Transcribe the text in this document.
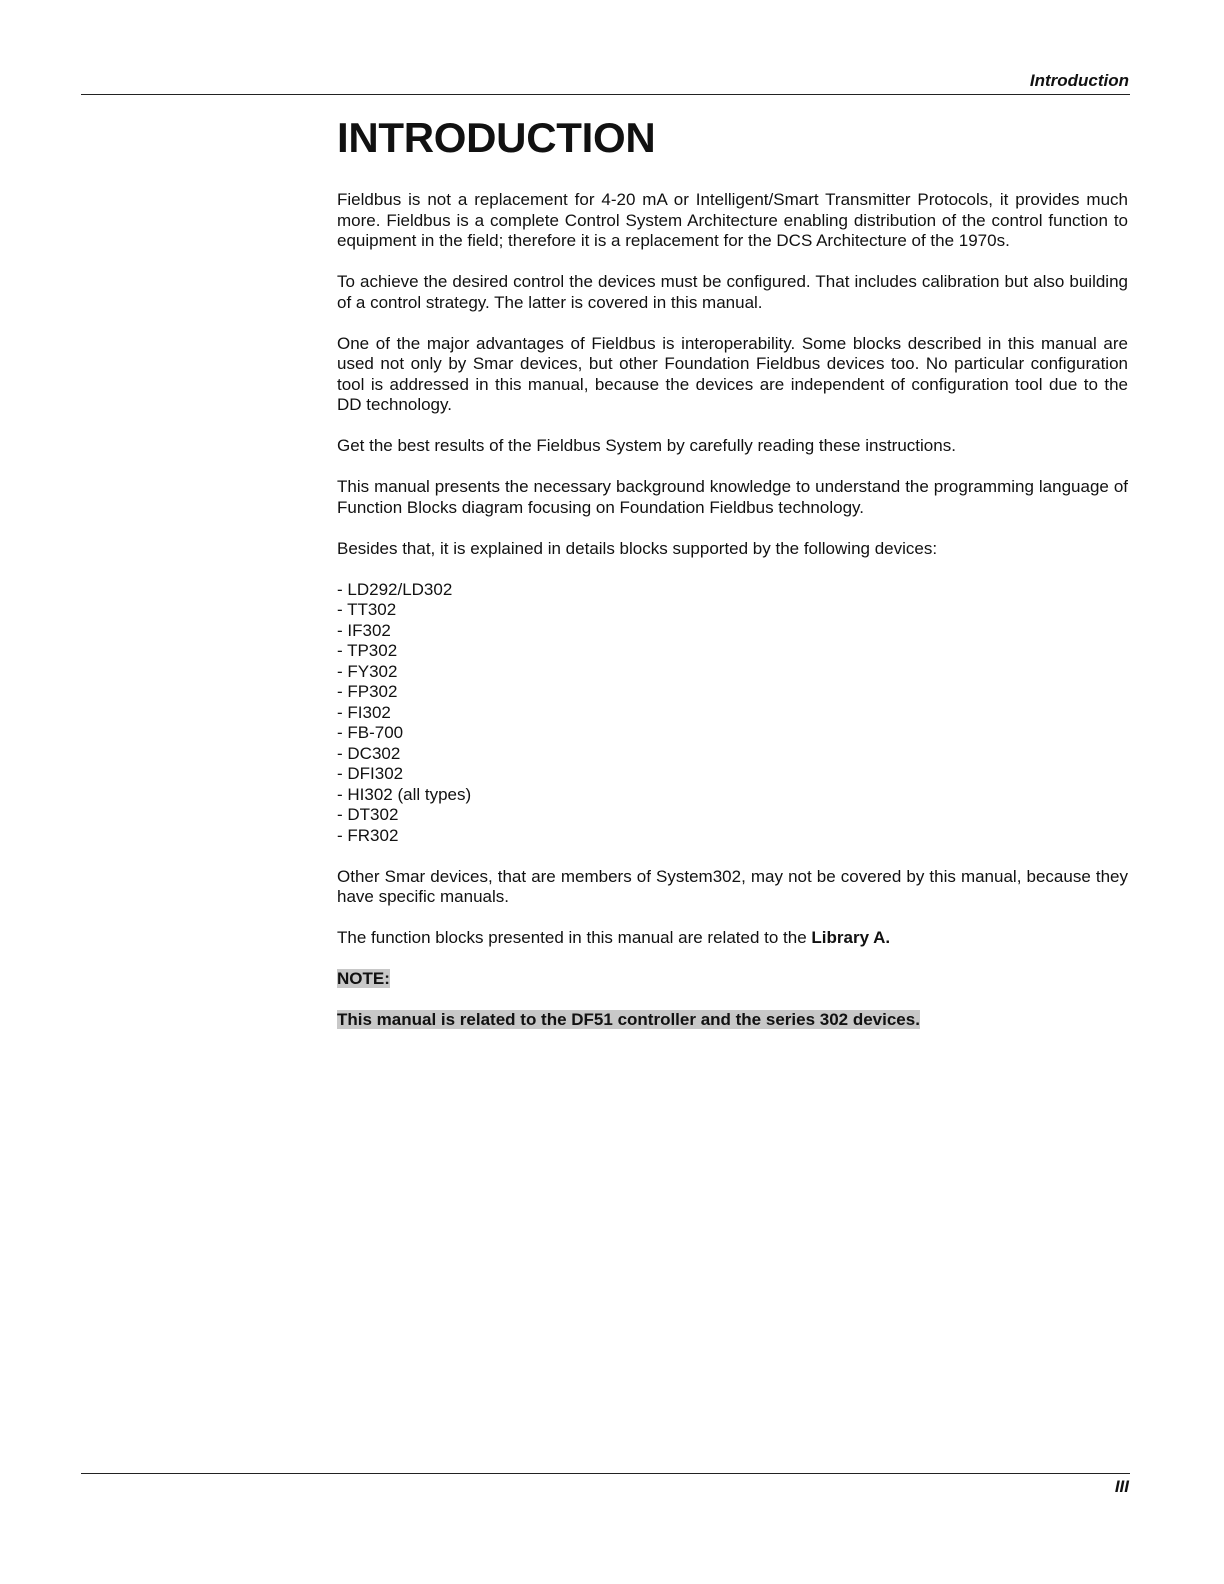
Introduction
INTRODUCTION

Fieldbus is not a replacement for 4-20 mA or Intelligent/Smart Transmitter Protocols, it provides much more. Fieldbus is a complete Control System Architecture enabling distribution of the control function to equipment in the field; therefore it is a replacement for the DCS Architecture of the 1970s.

To achieve the desired control the devices must be configured. That includes calibration but also building of a control strategy. The latter is covered in this manual.

One of the major advantages of Fieldbus is interoperability. Some blocks described in this manual are used not only by Smar devices, but other Foundation Fieldbus devices too. No particular configuration tool is addressed in this manual, because the devices are independent of configuration tool due to the DD technology.

Get the best results of the Fieldbus System by carefully reading these instructions.

This manual presents the necessary background knowledge to understand the programming language of Function Blocks diagram focusing on Foundation Fieldbus technology.

Besides that, it is explained in details blocks supported by the following devices:

- LD292/LD302
- TT302
- IF302
- TP302
- FY302
- FP302
- FI302
- FB-700
- DC302
- DFI302
- HI302 (all types)
- DT302
- FR302

Other Smar devices, that are members of System302, may not be covered by this manual, because they have specific manuals.

The function blocks presented in this manual are related to the Library A.

NOTE:

This manual is related to the DF51 controller and the series 302 devices.

III
